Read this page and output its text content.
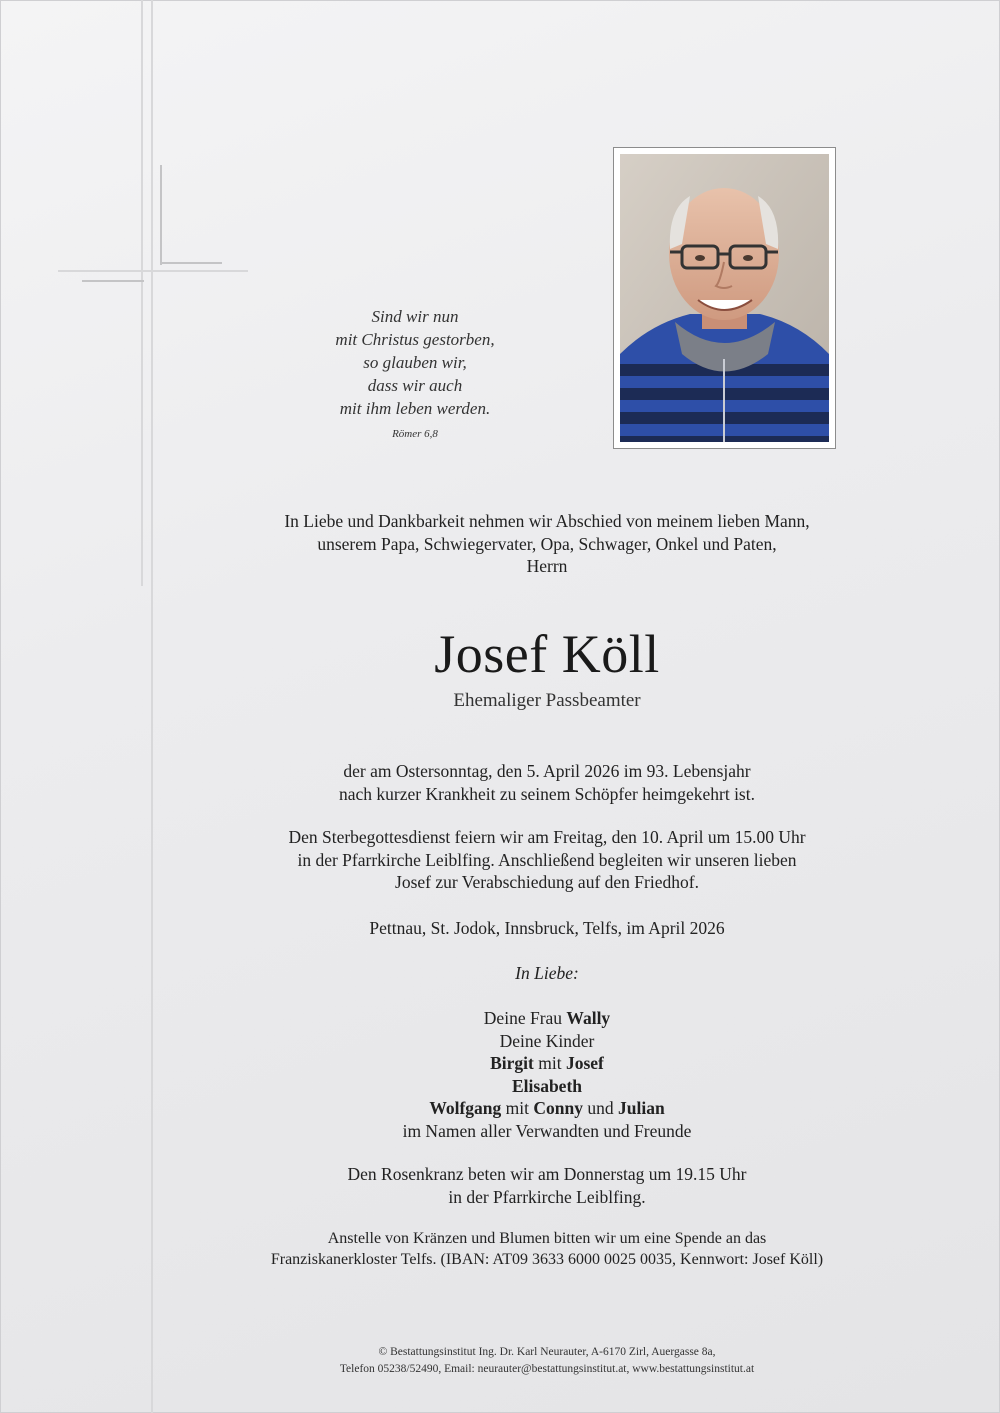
Sind wir nun
mit Christus gestorben,
so glauben wir,
dass wir auch
mit ihm leben werden.
Römer 6,8
In Liebe und Dankbarkeit nehmen wir Abschied von meinem lieben Mann,
unserem Papa, Schwiegervater, Opa, Schwager, Onkel und Paten,
Herrn
Josef Köll
Ehemaliger Passbeamter
der am Ostersonntag, den 5. April 2026 im 93. Lebensjahr
nach kurzer Krankheit zu seinem Schöpfer heimgekehrt ist.
Den Sterbegottesdienst feiern wir am Freitag, den 10. April um 15.00 Uhr
in der Pfarrkirche Leiblfing. Anschließend begleiten wir unseren lieben
Josef zur Verabschiedung auf den Friedhof.
Pettnau, St. Jodok, Innsbruck, Telfs, im April 2026
In Liebe:
Deine Frau Wally
Deine Kinder
Birgit mit Josef
Elisabeth
Wolfgang mit Conny und Julian
im Namen aller Verwandten und Freunde
Den Rosenkranz beten wir am Donnerstag um 19.15 Uhr
in der Pfarrkirche Leiblfing.
Anstelle von Kränzen und Blumen bitten wir um eine Spende an das
Franziskanerkloster Telfs. (IBAN: AT09 3633 6000 0025 0035, Kennwort: Josef Köll)
© Bestattungsinstitut Ing. Dr. Karl Neurauter, A-6170 Zirl, Auergasse 8a,
Telefon 05238/52490, Email: neurauter@bestattungsinstitut.at, www.bestattungsinstitut.at
